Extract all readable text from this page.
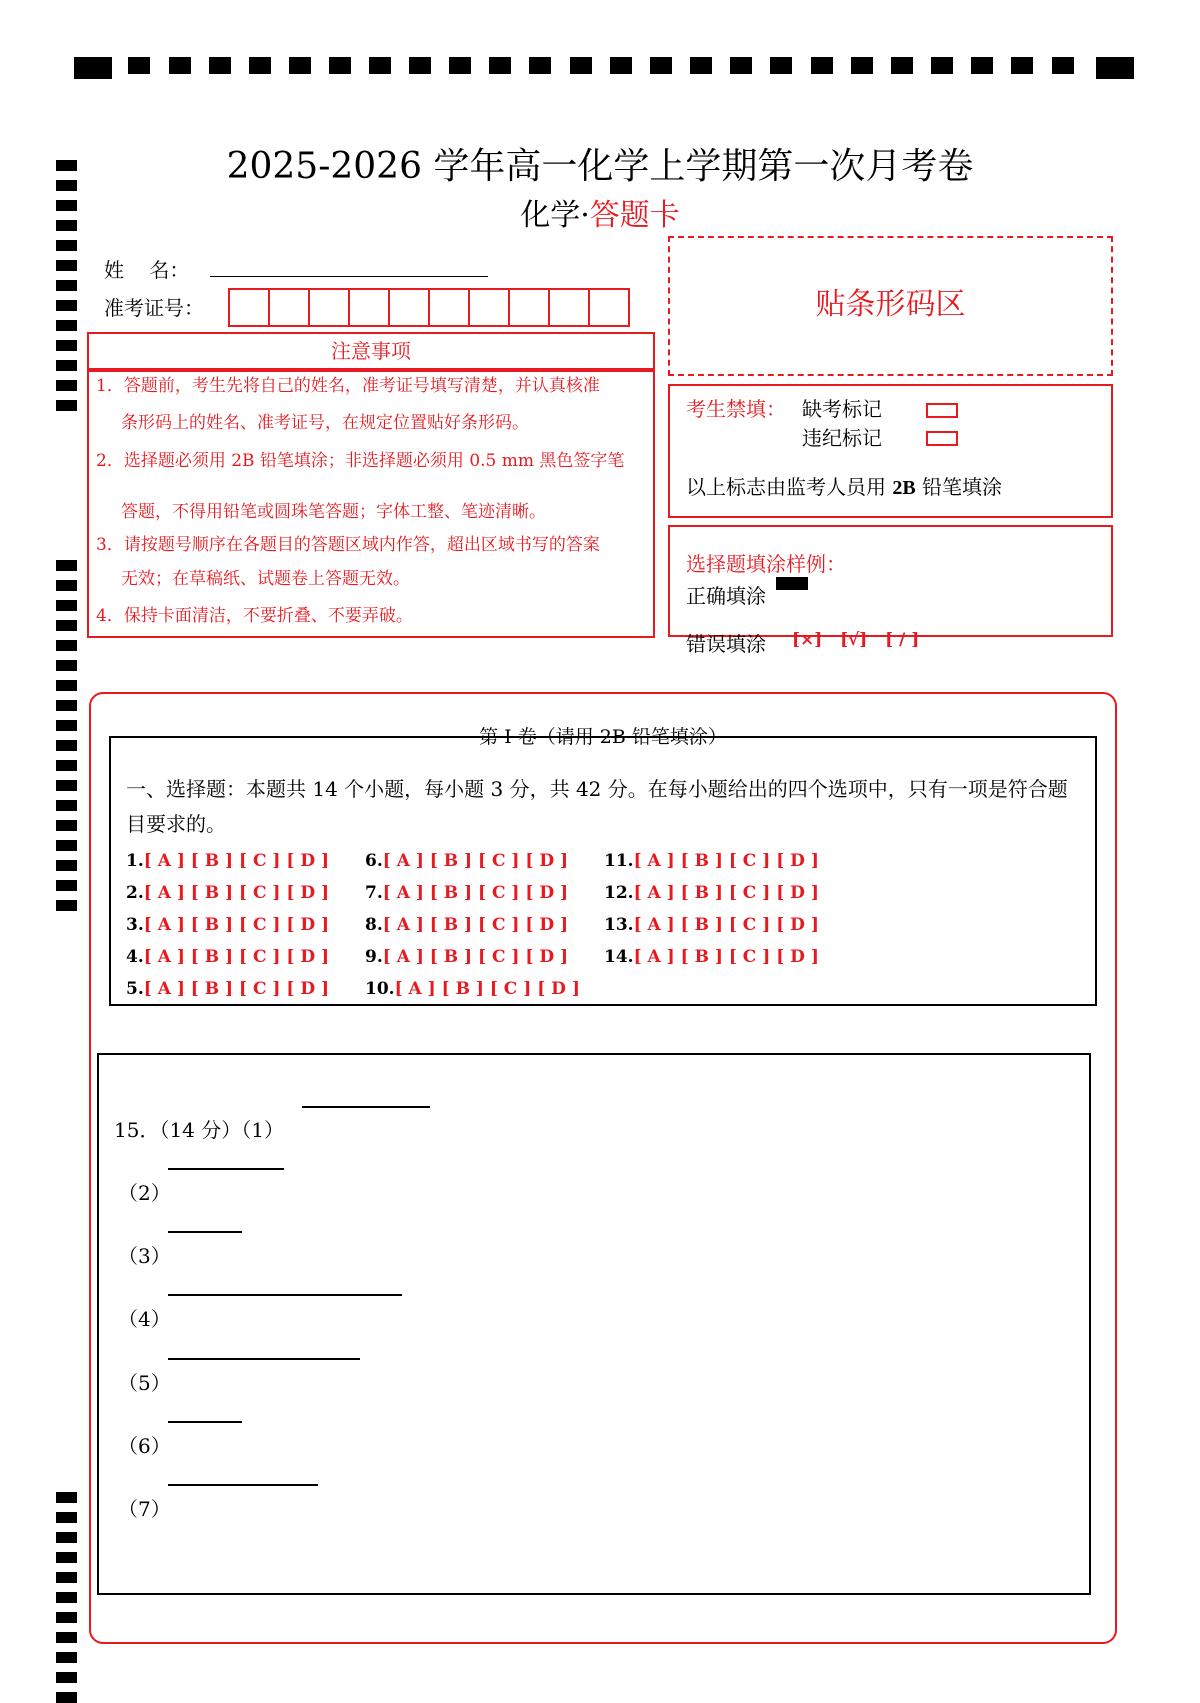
2025-2026 学年高一化学上学期第一次月考卷
化学·答题卡
姓    名：
准考证号：
注意事项
1．答题前，考生先将自己的姓名，准考证号填写清楚，并认真核准
条形码上的姓名、准考证号，在规定位置贴好条形码。
2．选择题必须用 2B 铅笔填涂；非选择题必须用 0.5 mm 黑色签字笔
答题，不得用铅笔或圆珠笔答题；字体工整、笔迹清晰。
3．请按题号顺序在各题目的答题区域内作答，超出区域书写的答案
无效；在草稿纸、试题卷上答题无效。
4．保持卡面清洁，不要折叠、不要弄破。
贴条形码区
考生禁填： 缺考标记
违纪标记
以上标志由监考人员用 2B 铅笔填涂
选择题填涂样例：
正确填涂
错误填涂 [×]   [√]   [ / ]
第 I 卷（请用 2B 铅笔填涂）
一、选择题：本题共 14 个小题，每小题 3 分，共 42 分。在每小题给出的四个选项中，只有一项是符合题目要求的。
1.[ A ] [ B ] [ C ] [ D ]
2.[ A ] [ B ] [ C ] [ D ]
3.[ A ] [ B ] [ C ] [ D ]
4.[ A ] [ B ] [ C ] [ D ]
5.[ A ] [ B ] [ C ] [ D ]
6.[ A ] [ B ] [ C ] [ D ]
7.[ A ] [ B ] [ C ] [ D ]
8.[ A ] [ B ] [ C ] [ D ]
9.[ A ] [ B ] [ C ] [ D ]
10.[ A ] [ B ] [ C ] [ D ]
11.[ A ] [ B ] [ C ] [ D ]
12.[ A ] [ B ] [ C ] [ D ]
13.[ A ] [ B ] [ C ] [ D ]
14.[ A ] [ B ] [ C ] [ D ]
15．（14 分）（1）
（2）
（3）
（4）
（5）
（6）
（7）
